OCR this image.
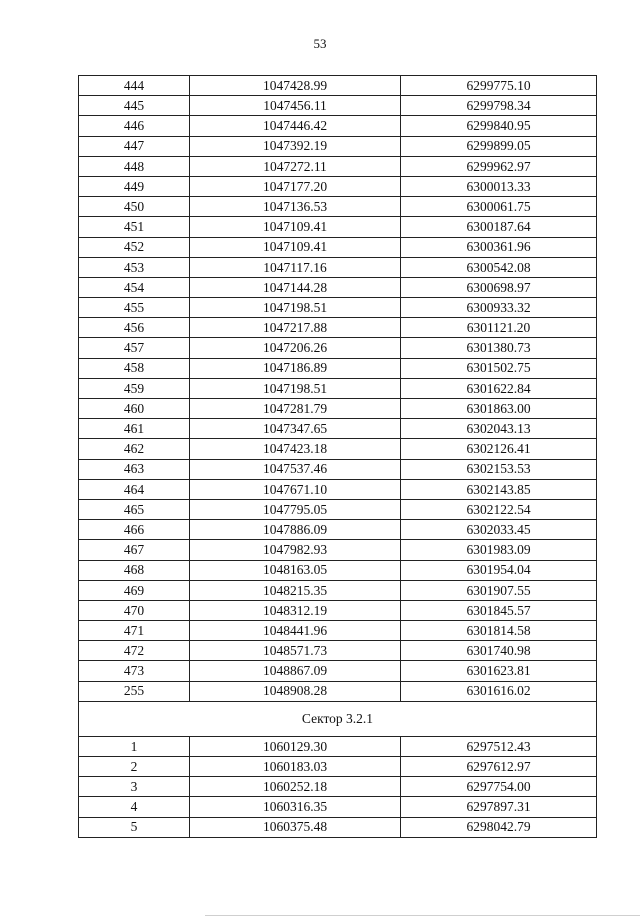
53
444	1047428.99	6299775.10
445	1047456.11	6299798.34
446	1047446.42	6299840.95
447	1047392.19	6299899.05
448	1047272.11	6299962.97
449	1047177.20	6300013.33
450	1047136.53	6300061.75
451	1047109.41	6300187.64
452	1047109.41	6300361.96
453	1047117.16	6300542.08
454	1047144.28	6300698.97
455	1047198.51	6300933.32
456	1047217.88	6301121.20
457	1047206.26	6301380.73
458	1047186.89	6301502.75
459	1047198.51	6301622.84
460	1047281.79	6301863.00
461	1047347.65	6302043.13
462	1047423.18	6302126.41
463	1047537.46	6302153.53
464	1047671.10	6302143.85
465	1047795.05	6302122.54
466	1047886.09	6302033.45
467	1047982.93	6301983.09
468	1048163.05	6301954.04
469	1048215.35	6301907.55
470	1048312.19	6301845.57
471	1048441.96	6301814.58
472	1048571.73	6301740.98
473	1048867.09	6301623.81
255	1048908.28	6301616.02
Сектор 3.2.1		
1	1060129.30	6297512.43
2	1060183.03	6297612.97
3	1060252.18	6297754.00
4	1060316.35	6297897.31
5	1060375.48	6298042.79
